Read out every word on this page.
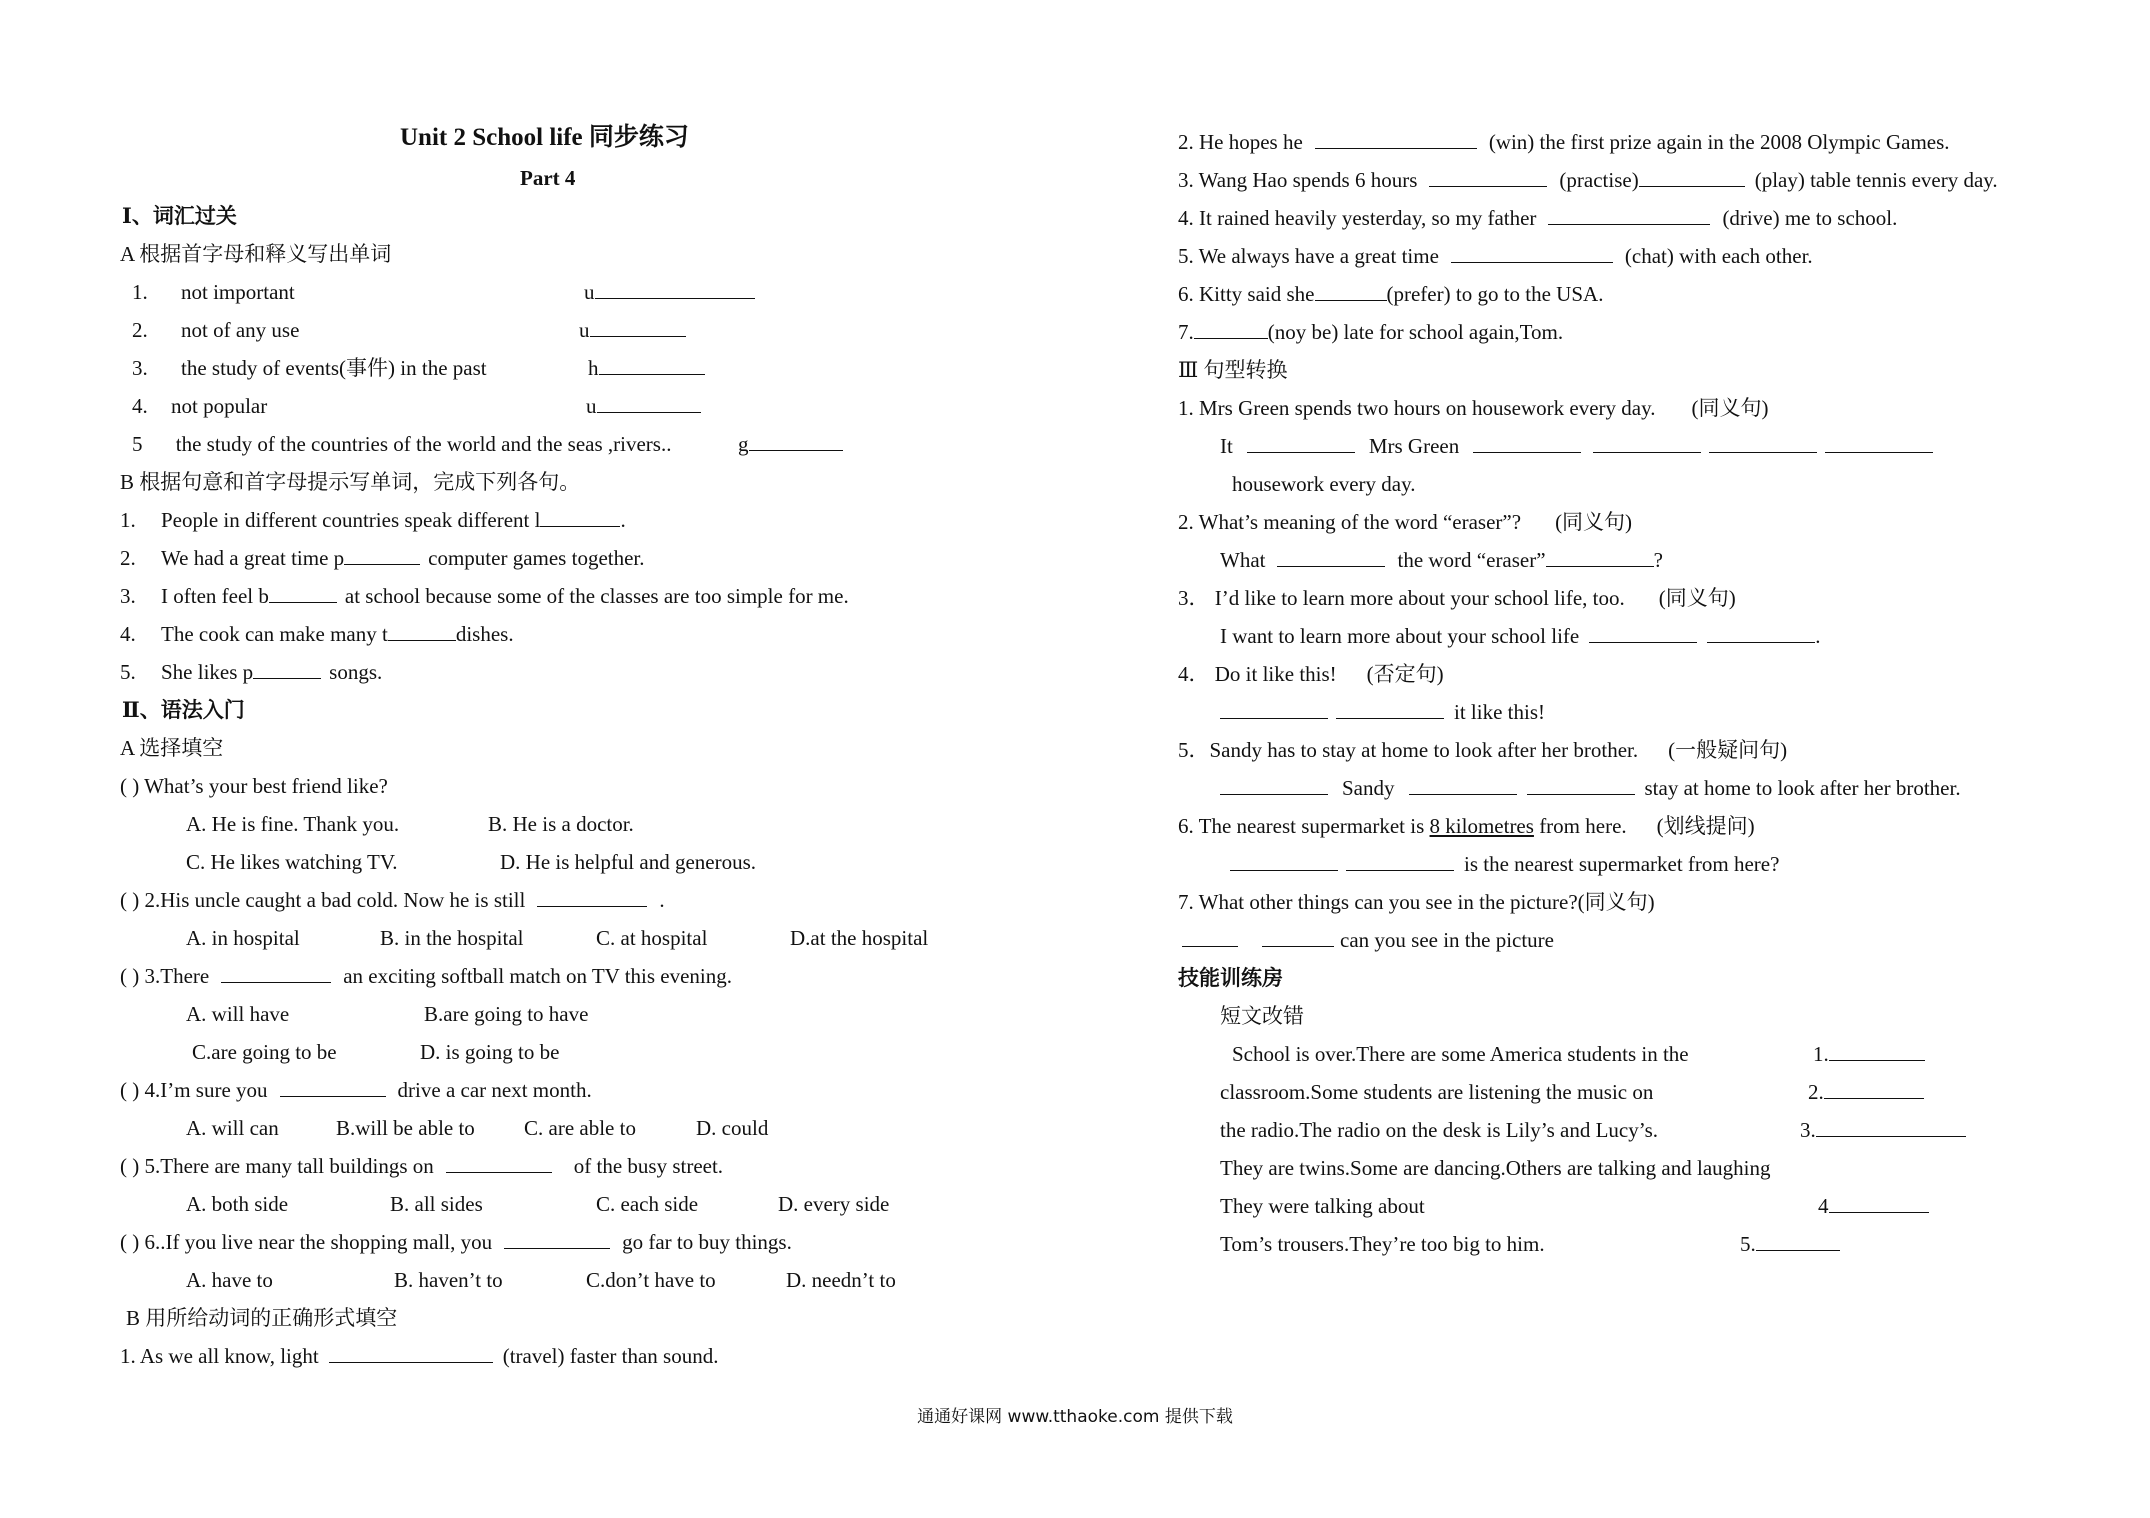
Unit 2 School life 同步练习
Part 4
Ⅰ、词汇过关
A 根据首字母和释义写出单词
1. not important	u
2. not of any use	u
3. the study of events(事件) in the past	h
4. not popular	u
5 the study of the countries of the world and the seas ,rivers..	g
B 根据句意和首字母提示写单词，完成下列各句。
1. People in different countries speak different l	.
2. We had a great time p	computer games together.
3. I often feel b	at school because some of the classes are too simple for me.
4. The cook can make many t	dishes.
5. She likes p	songs.
Ⅱ、语法入门
A 选择填空
( ) What’s your best friend like?
A. He is fine. Thank you.	B. He is a doctor.
C. He likes watching TV.	D. He is helpful and generous.
( ) 2.His uncle caught a bad cold. Now he is still	.
A. in hospital	B. in the hospital	C. at hospital	D.at the hospital
( ) 3.There	an exciting softball match on TV this evening.
A. will have	B.are going to have
C.are going to be	D. is going to be
( ) 4.I’m sure you	drive a car next month.
A. will can	B.will be able to C. are able to	D. could
( ) 5.There are many tall buildings on	of the busy street.
A. both side	B. all sides	C. each side	D. every side
( ) 6..If you live near the shopping mall, you	go far to buy things.
A. have to	B. haven’t to	C.don’t have to	D. needn’t to
B 用所给动词的正确形式填空
1. As we all know, light	(travel) faster than sound.
2. He hopes he	(win) the first prize again in the 2008 Olympic Games.
3. Wang Hao spends 6 hours	(practise)	(play) table tennis every day.
4. It rained heavily yesterday, so my father	(drive) me to school.
5. We always have a great time	(chat) with each other.
6. Kitty said she	(prefer) to go to the USA.
7.	(noy be) late for school again,Tom.
Ⅲ 句型转换
1. Mrs Green spends two hours on housework every day. (同义句)
It	Mrs Green
housework every day.
2. What’s meaning of the word “eraser”? (同义句)
What	the word “eraser”	?
3． I’d like to learn more about your school life, too. (同义句)
I want to learn more about your school life	.
4． Do it like this! (否定句)
it like this!
5．Sandy has to stay at home to look after her brother. (一般疑问句)
Sandy	stay at home to look after her brother.
6. The nearest supermarket is 8 kilometres from here. (划线提问)
is the nearest supermarket from here?
7. What other things can you see in the picture?(同义句)
can you see in the picture
技能训练房
短文改错
School is over.There are some America students in the	1.
classroom.Some students are listening the music on	2.
the radio.The radio on the desk is Lily’s and Lucy’s.	3.
They are twins.Some are dancing.Others are talking and laughing
They were talking about	4
Tom’s trousers.They’re too big to him.	5.
通通好课网 www.tthaoke.com 提供下载
